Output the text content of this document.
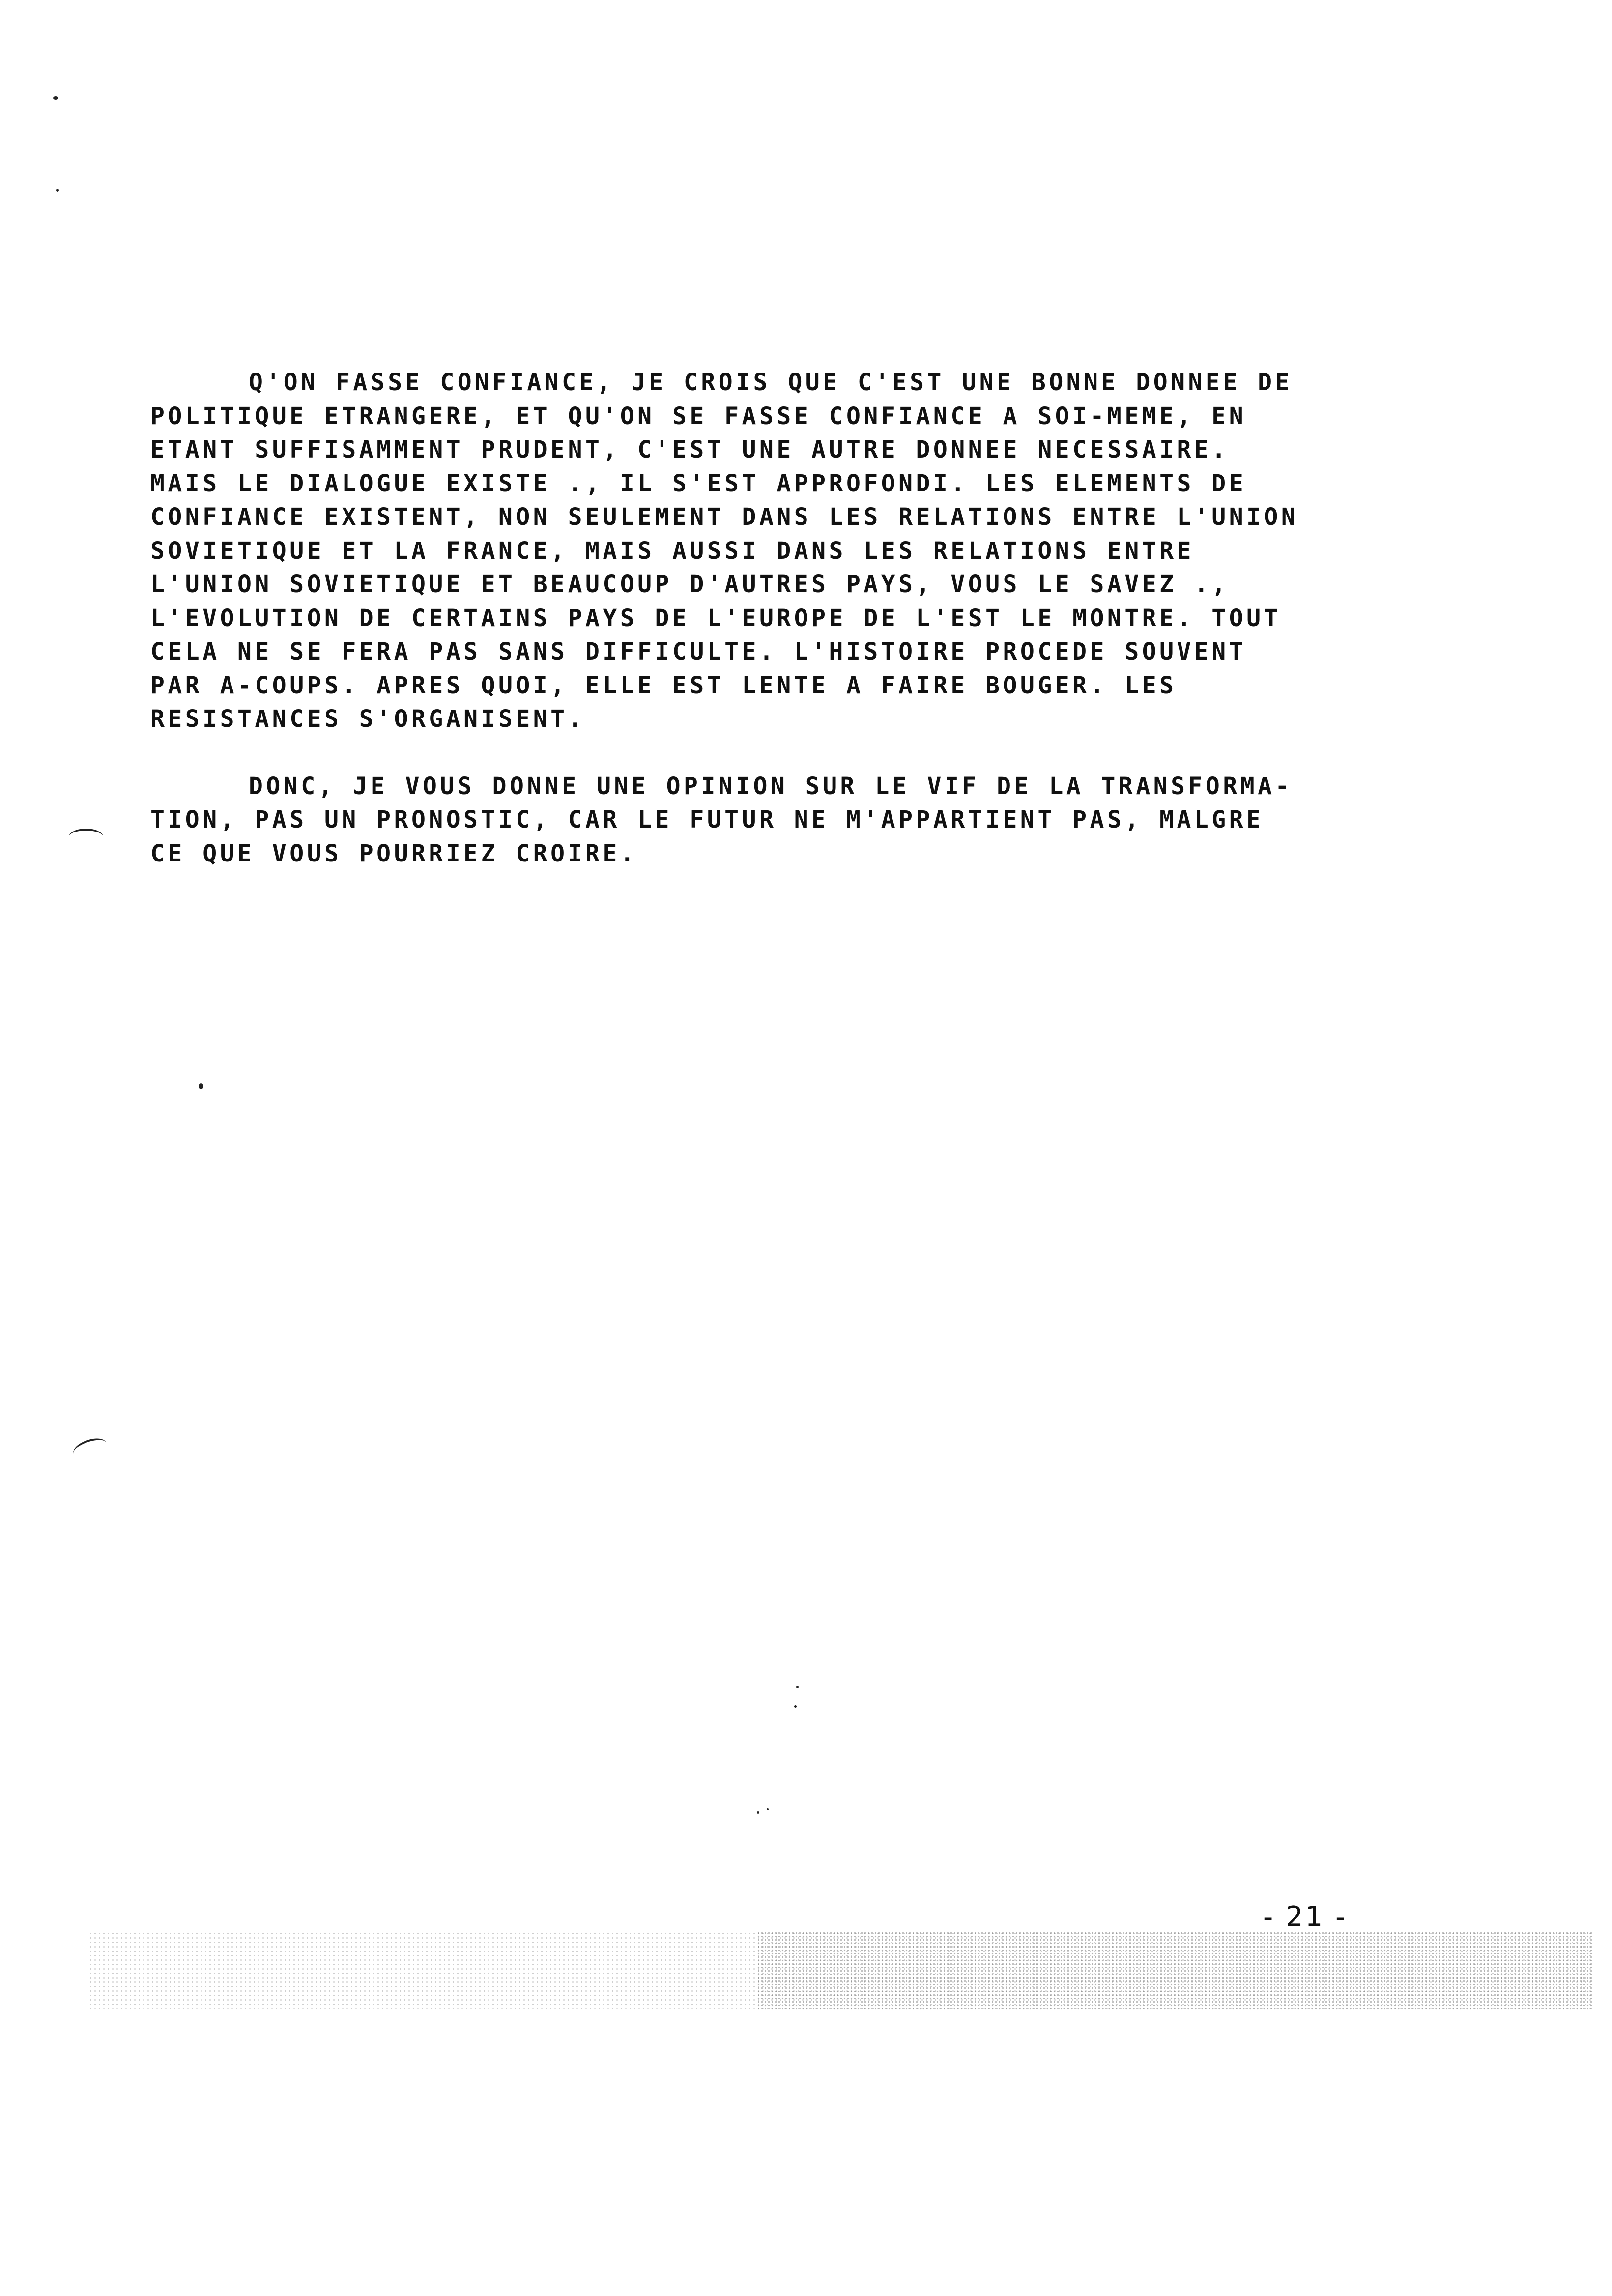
Q'ON FASSE CONFIANCE, JE CROIS QUE C'EST UNE BONNE DONNEE DE
POLITIQUE ETRANGERE, ET QU'ON SE FASSE CONFIANCE A SOI-MEME, EN
ETANT SUFFISAMMENT PRUDENT, C'EST UNE AUTRE DONNEE NECESSAIRE.
MAIS LE DIALOGUE EXISTE ., IL S'EST APPROFONDI. LES ELEMENTS DE
CONFIANCE EXISTENT, NON SEULEMENT DANS LES RELATIONS ENTRE L'UNION
SOVIETIQUE ET LA FRANCE, MAIS AUSSI DANS LES RELATIONS ENTRE
L'UNION SOVIETIQUE ET BEAUCOUP D'AUTRES PAYS, VOUS LE SAVEZ .,
L'EVOLUTION DE CERTAINS PAYS DE L'EUROPE DE L'EST LE MONTRE. TOUT
CELA NE SE FERA PAS SANS DIFFICULTE. L'HISTOIRE PROCEDE SOUVENT
PAR A-COUPS. APRES QUOI, ELLE EST LENTE A FAIRE BOUGER. LES
RESISTANCES S'ORGANISENT.
DONC, JE VOUS DONNE UNE OPINION SUR LE VIF DE LA TRANSFORMA-
TION, PAS UN PRONOSTIC, CAR LE FUTUR NE M'APPARTIENT PAS, MALGRE
CE QUE VOUS POURRIEZ CROIRE.
- 21 -
